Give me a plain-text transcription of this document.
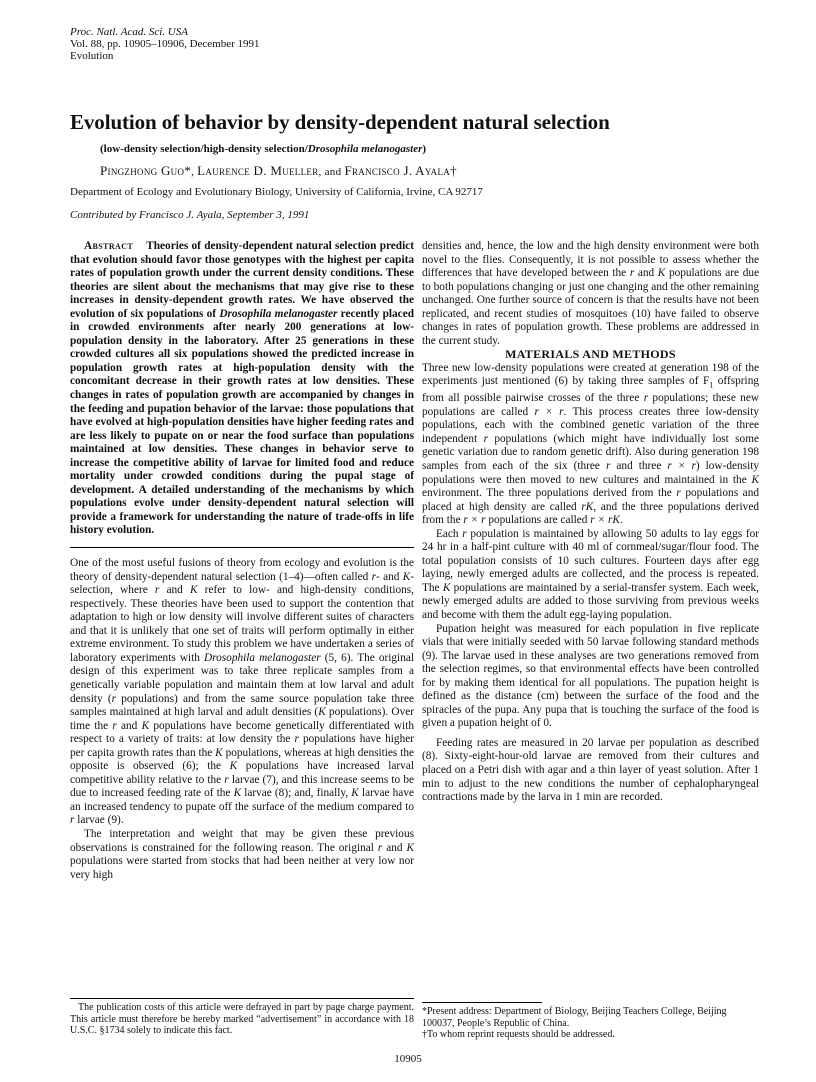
Proc. Natl. Acad. Sci. USA
Vol. 88, pp. 10905–10906, December 1991
Evolution
Evolution of behavior by density-dependent natural selection
(low-density selection/high-density selection/Drosophila melanogaster)
Pingzhong Guo*, Laurence D. Mueller, and Francisco J. Ayala†
Department of Ecology and Evolutionary Biology, University of California, Irvine, CA 92717
Contributed by Francisco J. Ayala, September 3, 1991

Abstract Theories of density-dependent natural selection predict that evolution should favor those genotypes with the highest per capita rates of population growth under the current density conditions. These theories are silent about the mechanisms that may give rise to these increases in density-dependent growth rates. We have observed the evolution of six populations of Drosophila melanogaster recently placed in crowded environments after nearly 200 generations at low-population density in the laboratory. After 25 generations in these crowded cultures all six populations showed the predicted increase in population growth rates at high-population density with the concomitant decrease in their growth rates at low densities. These changes in rates of population growth are accompanied by changes in the feeding and pupation behavior of the larvae: those populations that have evolved at high-population densities have higher feeding rates and are less likely to pupate on or near the food surface than populations maintained at low densities. These changes in behavior serve to increase the competitive ability of larvae for limited food and reduce mortality under crowded conditions during the pupal stage of development. A detailed understanding of the mechanisms by which populations evolve under density-dependent natural selection will provide a framework for understanding the nature of trade-offs in life history evolution.

One of the most useful fusions of theory from ecology and evolution is the theory of density-dependent natural selection (1–4)—often called r- and K-selection, where r and K refer to low- and high-density conditions, respectively. These theories have been used to support the contention that adaptation to high or low density will involve different suites of characters and that it is unlikely that one set of traits will perform optimally in either extreme environment. To study this problem we have undertaken a series of laboratory experiments with Drosophila melanogaster (5, 6). The original design of this experiment was to take three replicate samples from a genetically variable population and maintain them at low larval and adult density (r populations) and from the same source population take three samples maintained at high larval and adult densities (K populations). Over time the r and K populations have become genetically differentiated with respect to a variety of traits: at low density the r populations have higher per capita growth rates than the K populations, whereas at high densities the opposite is observed (6); the K populations have increased larval competitive ability relative to the r larvae (7), and this increase seems to be due to increased feeding rate of the K larvae (8); and, finally, K larvae have an increased tendency to pupate off the surface of the medium compared to r larvae (9).

The interpretation and weight that may be given these previous observations is constrained for the following reason. The original r and K populations were started from stocks that had been neither at very low nor very high

densities and, hence, the low and the high density environment were both novel to the flies. Consequently, it is not possible to assess whether the differences that have developed between the r and K populations are due to both populations changing or just one changing and the other remaining unchanged. One further source of concern is that the results have not been replicated, and recent studies of mosquitoes (10) have failed to observe changes in rates of population growth. These problems are addressed in the current study.

MATERIALS AND METHODS

Three new low-density populations were created at generation 198 of the experiments just mentioned (6) by taking three samples of $F_1$ offspring from all possible pairwise crosses of the three r populations; these new populations are called r × r. This process creates three low-density populations, each with the combined genetic variation of the three independent r populations (which might have individually lost some genetic variation due to random genetic drift). Also during generation 198 samples from each of the six (three r and three r × r) low-density populations were then moved to new cultures and maintained in the K environment. The three populations derived from the r populations and placed at high density are called rK, and the three populations derived from the r × r populations are called r × rK.

Each r population is maintained by allowing 50 adults to lay eggs for 24 hr in a half-pint culture with 40 ml of cornmeal/sugar/flour food. The total population consists of 10 such cultures. Fourteen days after egg laying, newly emerged adults are collected, and the process is repeated. The K populations are maintained by a serial-transfer system. Each week, newly emerged adults are added to those surviving from previous weeks and become with them the adult egg-laying population.

Pupation height was measured for each population in five replicate vials that were initially seeded with 50 larvae following standard methods (9). The larvae used in these analyses are two generations removed from the selection regimes, so that environmental effects have been controlled for by making them identical for all populations. The pupation height is defined as the distance (cm) between the surface of the food and the spiracles of the pupa. Any pupa that is touching the surface of the food is given a pupation height of 0.

Feeding rates are measured in 20 larvae per population as described (8). Sixty-eight-hour-old larvae are removed from their cultures and placed on a Petri dish with agar and a thin layer of yeast solution. After 1 min to adjust to the new conditions the number of cephalopharyngeal contractions made by the larva in 1 min are recorded.

The publication costs of this article were defrayed in part by page charge payment. This article must therefore be hereby marked “advertisement” in accordance with 18 U.S.C. §1734 solely to indicate this fact.

*Present address: Department of Biology, Beijing Teachers College, Beijing 100037, People’s Republic of China.

†To whom reprint requests should be addressed.

10905
